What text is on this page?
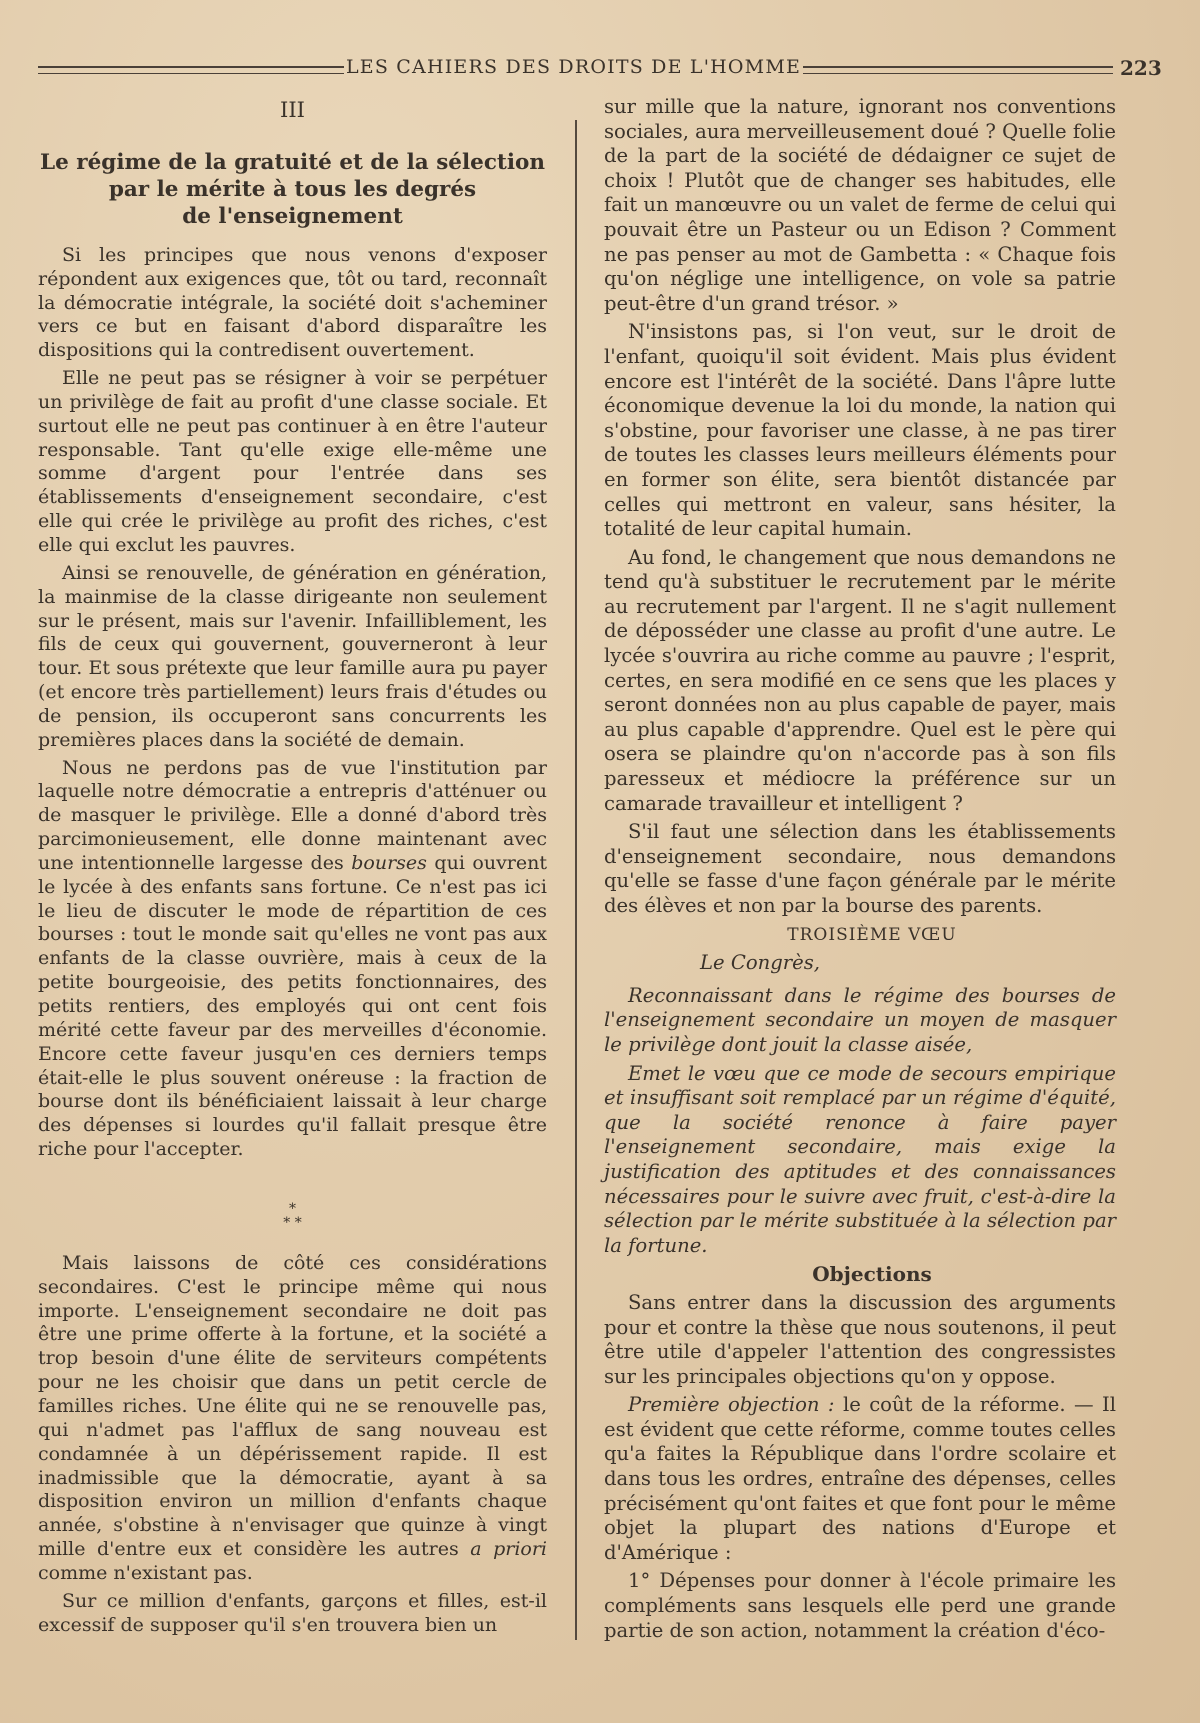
LES CAHIERS DES DROITS DE L'HOMME	223
III
Le régime de la gratuité et de la sélection
par le mérite à tous les degrés
de l'enseignement

Si les principes que nous venons d'exposer répondent aux exigences que, tôt ou tard, reconnaît la démocratie intégrale, la société doit s'acheminer vers ce but en faisant d'abord disparaître les dispositions qui la contredisent ouvertement.

Elle ne peut pas se résigner à voir se perpétuer un privilège de fait au profit d'une classe sociale. Et surtout elle ne peut pas continuer à en être l'auteur responsable. Tant qu'elle exige elle-même une somme d'argent pour l'entrée dans ses établissements d'enseignement secondaire, c'est elle qui crée le privilège au profit des riches, c'est elle qui exclut les pauvres.

Ainsi se renouvelle, de génération en génération, la mainmise de la classe dirigeante non seulement sur le présent, mais sur l'avenir. Infailliblement, les fils de ceux qui gouvernent, gouverneront à leur tour. Et sous prétexte que leur famille aura pu payer (et encore très partiellement) leurs frais d'études ou de pension, ils occuperont sans concurrents les premières places dans la société de demain.

Nous ne perdons pas de vue l'institution par laquelle notre démocratie a entrepris d'atténuer ou de masquer le privilège. Elle a donné d'abord très parcimonieusement, elle donne maintenant avec une intentionnelle largesse des bourses qui ouvrent le lycée à des enfants sans fortune. Ce n'est pas ici le lieu de discuter le mode de répartition de ces bourses : tout le monde sait qu'elles ne vont pas aux enfants de la classe ouvrière, mais à ceux de la petite bourgeoisie, des petits fonctionnaires, des petits rentiers, des employés qui ont cent fois mérité cette faveur par des merveilles d'économie. Encore cette faveur jusqu'en ces derniers temps était-elle le plus souvent onéreuse : la fraction de bourse dont ils bénéficiaient laissait à leur charge des dépenses si lourdes qu'il fallait presque être riche pour l'accepter.

*
* *

Mais laissons de côté ces considérations secondaires. C'est le principe même qui nous importe. L'enseignement secondaire ne doit pas être une prime offerte à la fortune, et la société a trop besoin d'une élite de serviteurs compétents pour ne les choisir que dans un petit cercle de familles riches. Une élite qui ne se renouvelle pas, qui n'admet pas l'afflux de sang nouveau est condamnée à un dépérissement rapide. Il est inadmissible que la démocratie, ayant à sa disposition environ un million d'enfants chaque année, s'obstine à n'envisager que quinze à vingt mille d'entre eux et considère les autres a priori comme n'existant pas.

Sur ce million d'enfants, garçons et filles, est-il excessif de supposer qu'il s'en trouvera bien un

sur mille que la nature, ignorant nos conventions sociales, aura merveilleusement doué ? Quelle folie de la part de la société de dédaigner ce sujet de choix ! Plutôt que de changer ses habitudes, elle fait un manœuvre ou un valet de ferme de celui qui pouvait être un Pasteur ou un Edison ? Comment ne pas penser au mot de Gambetta : « Chaque fois qu'on néglige une intelligence, on vole sa patrie peut-être d'un grand trésor. »

N'insistons pas, si l'on veut, sur le droit de l'enfant, quoiqu'il soit évident. Mais plus évident encore est l'intérêt de la société. Dans l'âpre lutte économique devenue la loi du monde, la nation qui s'obstine, pour favoriser une classe, à ne pas tirer de toutes les classes leurs meilleurs éléments pour en former son élite, sera bientôt distancée par celles qui mettront en valeur, sans hésiter, la totalité de leur capital humain.

Au fond, le changement que nous demandons ne tend qu'à substituer le recrutement par le mérite au recrutement par l'argent. Il ne s'agit nullement de déposséder une classe au profit d'une autre. Le lycée s'ouvrira au riche comme au pauvre ; l'esprit, certes, en sera modifié en ce sens que les places y seront données non au plus capable de payer, mais au plus capable d'apprendre. Quel est le père qui osera se plaindre qu'on n'accorde pas à son fils paresseux et médiocre la préférence sur un camarade travailleur et intelligent ?

S'il faut une sélection dans les établissements d'enseignement secondaire, nous demandons qu'elle se fasse d'une façon générale par le mérite des élèves et non par la bourse des parents.

TROISIÈME VŒU

Le Congrès,

Reconnaissant dans le régime des bourses de l'enseignement secondaire un moyen de masquer le privilège dont jouit la classe aisée,

Emet le vœu que ce mode de secours empirique et insuffisant soit remplacé par un régime d'équité, que la société renonce à faire payer l'enseignement secondaire, mais exige la justification des aptitudes et des connaissances nécessaires pour le suivre avec fruit, c'est-à-dire la sélection par le mérite substituée à la sélection par la fortune.

Objections

Sans entrer dans la discussion des arguments pour et contre la thèse que nous soutenons, il peut être utile d'appeler l'attention des congressistes sur les principales objections qu'on y oppose.

Première objection : le coût de la réforme. — Il est évident que cette réforme, comme toutes celles qu'a faites la République dans l'ordre scolaire et dans tous les ordres, entraîne des dépenses, celles précisément qu'ont faites et que font pour le même objet la plupart des nations d'Europe et d'Amérique :

1° Dépenses pour donner à l'école primaire les compléments sans lesquels elle perd une grande partie de son action, notamment la création d'éco-
